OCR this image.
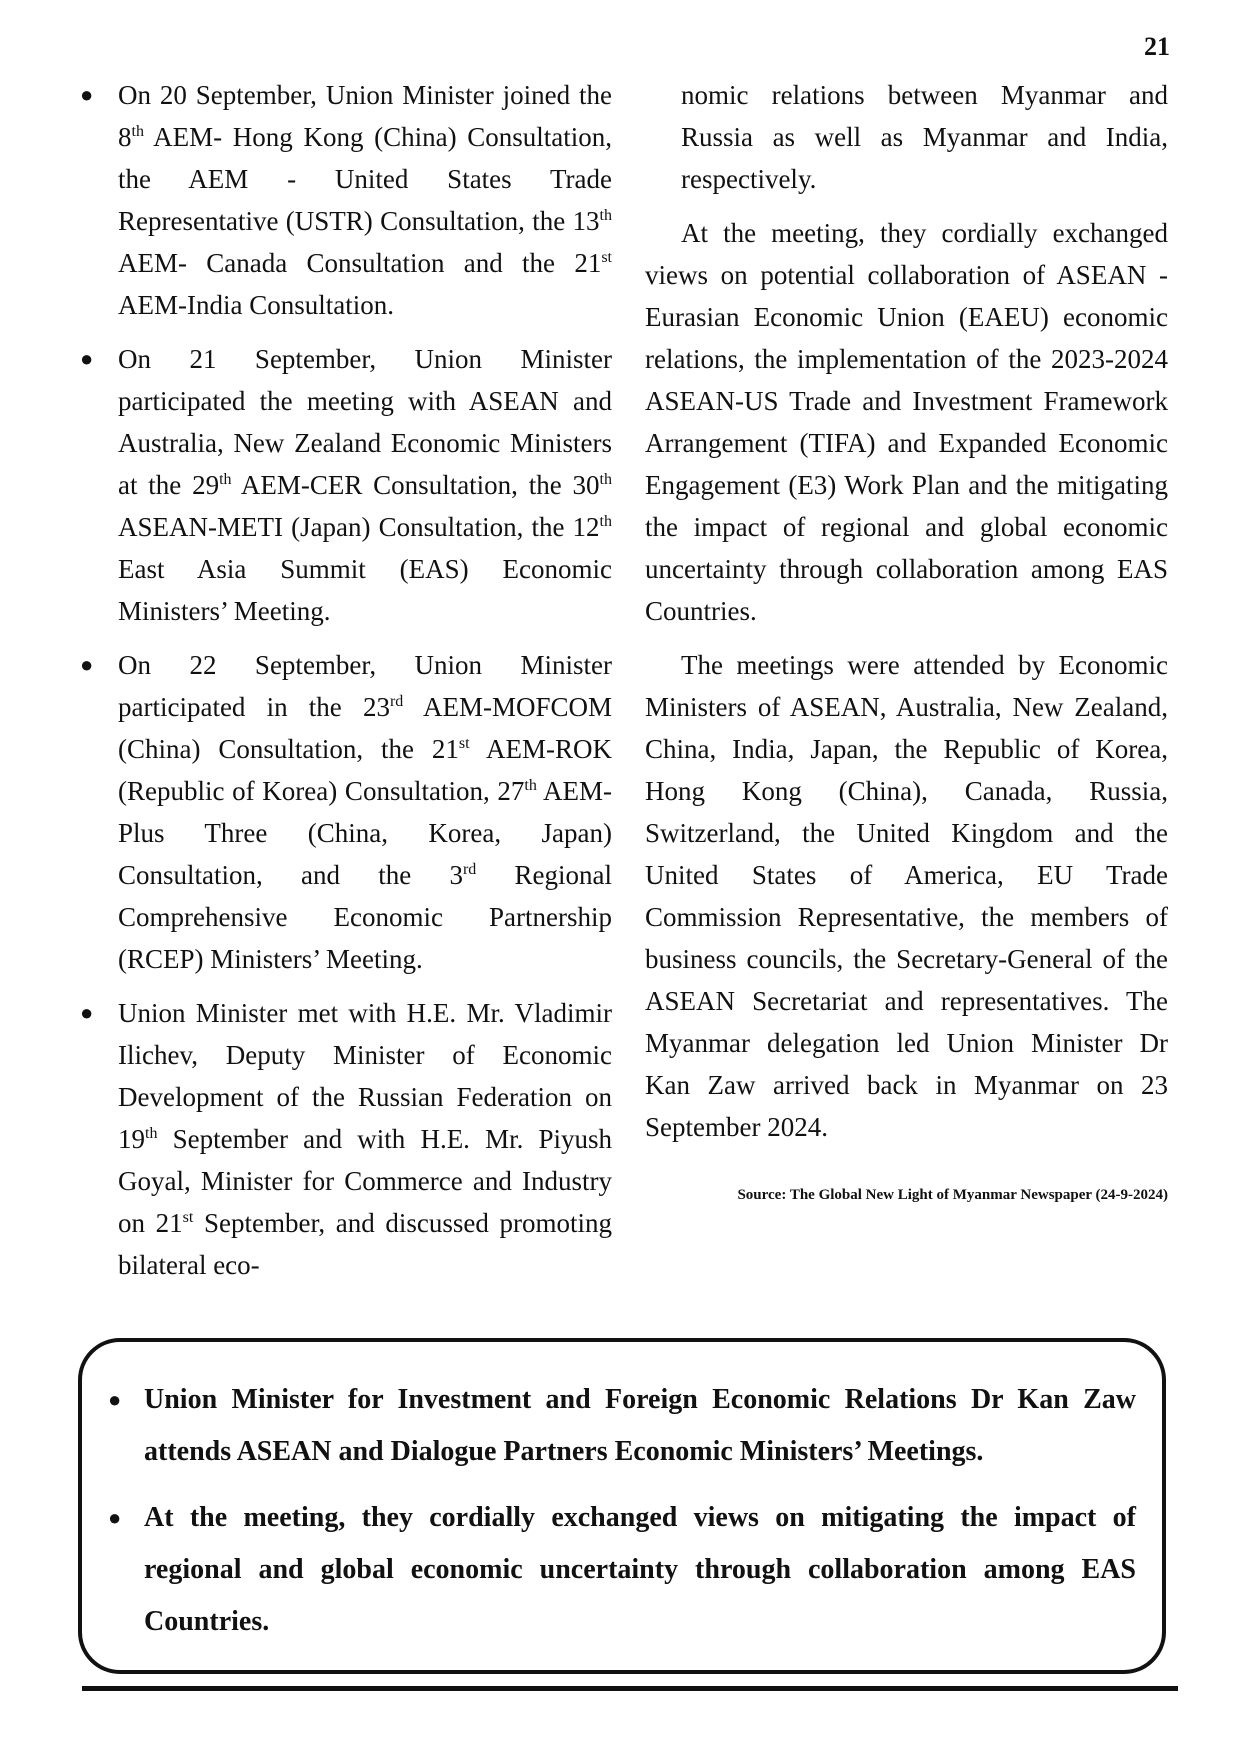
21
● On 20 September, Union Minister joined the 8th AEM- Hong Kong (China) Consultation, the AEM - United States Trade Representative (USTR) Consultation, the 13th AEM- Canada Consultation and the 21st AEM-India Consultation.
● On 21 September, Union Minister participated the meeting with ASEAN and Australia, New Zealand Economic Ministers at the 29th AEM-CER Consultation, the 30th ASEAN-METI (Japan) Consultation, the 12th East Asia Summit (EAS) Economic Ministers’ Meeting.
● On 22 September, Union Minister participated in the 23rd AEM-MOFCOM (China) Consultation, the 21st AEM-ROK (Republic of Korea) Consultation, 27th AEM-Plus Three (China, Korea, Japan) Consultation, and the 3rd Regional Comprehensive Economic Partnership (RCEP) Ministers’ Meeting.
● Union Minister met with H.E. Mr. Vladimir Ilichev, Deputy Minister of Economic Development of the Russian Federation on 19th September and with H.E. Mr. Piyush Goyal, Minister for Commerce and Industry on 21st September, and discussed promoting bilateral eco-

nomic relations between Myanmar and Russia as well as Myanmar and India, respectively.

At the meeting, they cordially exchanged views on potential collaboration of ASEAN -Eurasian Economic Union (EAEU) economic relations, the implementation of the 2023-2024 ASEAN-US Trade and Investment Framework Arrangement (TIFA) and Expanded Economic Engagement (E3) Work Plan and the mitigating the impact of regional and global economic uncertainty through collaboration among EAS Countries.

The meetings were attended by Economic Ministers of ASEAN, Australia, New Zealand, China, India, Japan, the Republic of Korea, Hong Kong (China), Canada, Russia, Switzerland, the United Kingdom and the United States of America, EU Trade Commission Representative, the members of business councils, the Secretary-General of the ASEAN Secretariat and representatives. The Myanmar delegation led Union Minister Dr Kan Zaw arrived back in Myanmar on 23 September 2024.

Source: The Global New Light of Myanmar Newspaper (24-9-2024)
● Union Minister for Investment and Foreign Economic Relations Dr Kan Zaw attends ASEAN and Dialogue Partners Economic Ministers’ Meetings.
● At the meeting, they cordially exchanged views on mitigating the impact of regional and global economic uncertainty through collaboration among EAS Countries.
